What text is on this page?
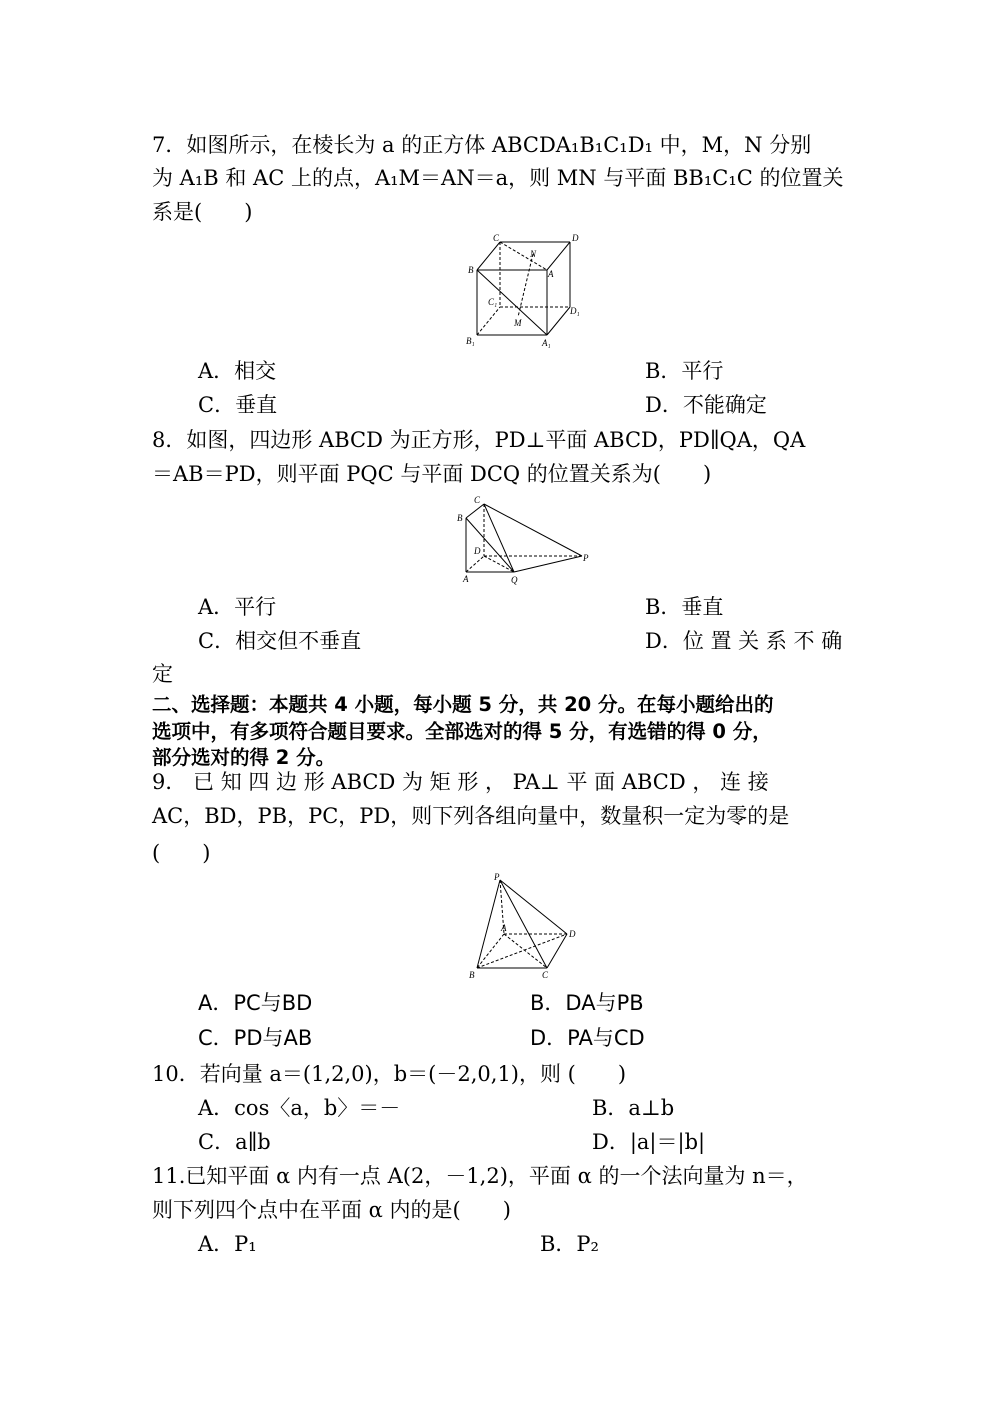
7．如图所示，在棱长为 a 的正方体 ABCDA₁B₁C₁D₁ 中，M，N 分别
为 A₁B 和 AC 上的点，A₁M＝AN＝a，则 MN 与平面 BB₁C₁C 的位置关
系是(　　)
C	D
N
B	A
C₁
D₁
M
B₁	A₁
A．相交	B．平行
C．垂直	D．不能确定
8．如图，四边形 ABCD 为正方形，PD⊥平面 ABCD，PD∥QA，QA
＝AB＝PD，则平面 PQC 与平面 DCQ 的位置关系为(　　)
C
B
D
P
A	Q
A．平行	B．垂直
C．相交但不垂直	D．位 置 关 系 不 确
定
二、选择题：本题共 4 小题，每小题 5 分，共 20 分。在每小题给出的
选项中，有多项符合题目要求。全部选对的得 5 分，有选错的得 0 分，
部分选对的得 2 分。
9． 已 知 四 边 形 ABCD 为 矩 形 ， PA⊥ 平 面 ABCD ， 连 接
AC，BD，PB，PC，PD，则下列各组向量中，数量积一定为零的是
(　　)
P
A
D
B	C
A．PC与BD	B．DA与PB
C．PD与AB	D．PA与CD
10．若向量 a＝(1,2,0)，b＝(－2,0,1)，则 (　　)
A．cos〈a，b〉＝－	B．a⊥b
C．a∥b	D．|a|＝|b|
11.已知平面 α 内有一点 A(2，－1,2)，平面 α 的一个法向量为 n＝，
则下列四个点中在平面 α 内的是(　　)
A．P₁	B．P₂
